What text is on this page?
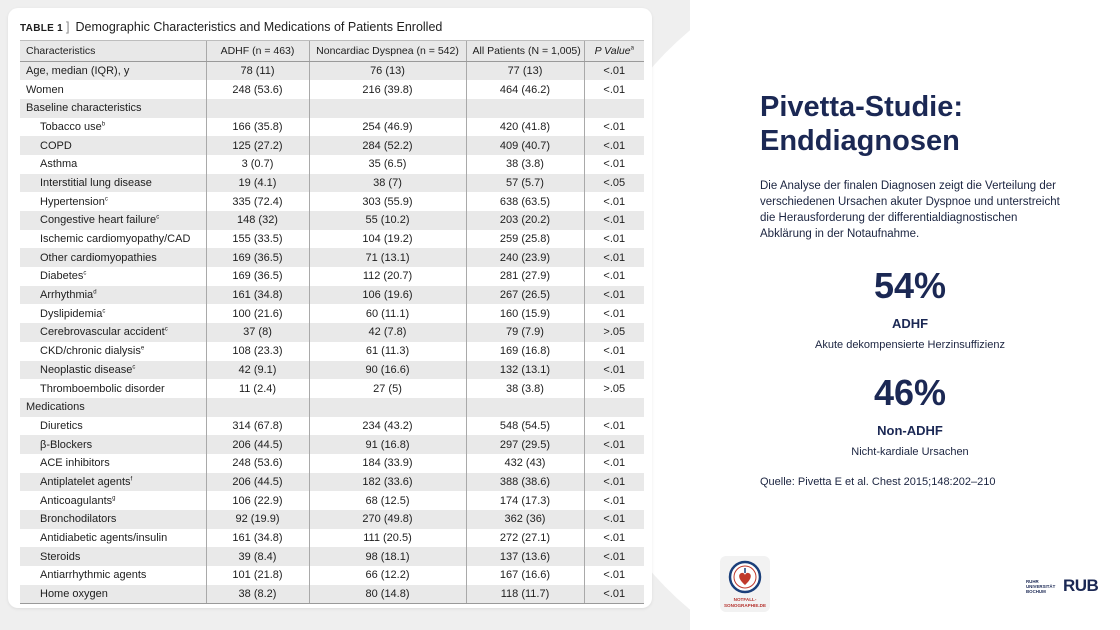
TABLE 1 ] Demographic Characteristics and Medications of Patients Enrolled
Characteristics	ADHF (n = 463)	Noncardiac Dyspnea (n = 542)	All Patients (N = 1,005)	P Value$^a$
Age, median (IQR), y	78 (11)	76 (13)	77 (13)	<.01
Women	248 (53.6)	216 (39.8)	464 (46.2)	<.01
Baseline characteristics				
Tobacco use$^b$	166 (35.8)	254 (46.9)	420 (41.8)	<.01
COPD	125 (27.2)	284 (52.2)	409 (40.7)	<.01
Asthma	3 (0.7)	35 (6.5)	38 (3.8)	<.01
Interstitial lung disease	19 (4.1)	38 (7)	57 (5.7)	<.05
Hypertension$^c$	335 (72.4)	303 (55.9)	638 (63.5)	<.01
Congestive heart failure$^c$	148 (32)	55 (10.2)	203 (20.2)	<.01
Ischemic cardiomyopathy/CAD	155 (33.5)	104 (19.2)	259 (25.8)	<.01
Other cardiomyopathies	169 (36.5)	71 (13.1)	240 (23.9)	<.01
Diabetes$^c$	169 (36.5)	112 (20.7)	281 (27.9)	<.01
Arrhythmia$^d$	161 (34.8)	106 (19.6)	267 (26.5)	<.01
Dyslipidemia$^c$	100 (21.6)	60 (11.1)	160 (15.9)	<.01
Cerebrovascular accident$^c$	37 (8)	42 (7.8)	79 (7.9)	>.05
CKD/chronic dialysis$^e$	108 (23.3)	61 (11.3)	169 (16.8)	<.01
Neoplastic disease$^c$	42 (9.1)	90 (16.6)	132 (13.1)	<.01
Thromboembolic disorder	11 (2.4)	27 (5)	38 (3.8)	>.05
Medications				
Diuretics	314 (67.8)	234 (43.2)	548 (54.5)	<.01
β-Blockers	206 (44.5)	91 (16.8)	297 (29.5)	<.01
ACE inhibitors	248 (53.6)	184 (33.9)	432 (43)	<.01
Antiplatelet agents$^f$	206 (44.5)	182 (33.6)	388 (38.6)	<.01
Anticoagulants$^g$	106 (22.9)	68 (12.5)	174 (17.3)	<.01
Bronchodilators	92 (19.9)	270 (49.8)	362 (36)	<.01
Antidiabetic agents/insulin	161 (34.8)	111 (20.5)	272 (27.1)	<.01
Steroids	39 (8.4)	98 (18.1)	137 (13.6)	<.01
Antiarrhythmic agents	101 (21.8)	66 (12.2)	167 (16.6)	<.01
Home oxygen	38 (8.2)	80 (14.8)	118 (11.7)	<.01
Pivetta-Studie:
Enddiagnosen
Die Analyse der finalen Diagnosen zeigt die Verteilung der verschiedenen Ursachen akuter Dyspnoe und unterstreicht die Herausforderung der differentialdiagnostischen Abklärung in der Notaufnahme.
54%
ADHF
Akute dekompensierte Herzinsuffizienz
46%
Non-ADHF
Nicht-kardiale Ursachen
Quelle: Pivetta E et al. Chest 2015;148:202–210
NOTFALL-
SONOGRAPHIE.DE
RUHR
UNIVERSITÄT
BOCHUM	RUB
